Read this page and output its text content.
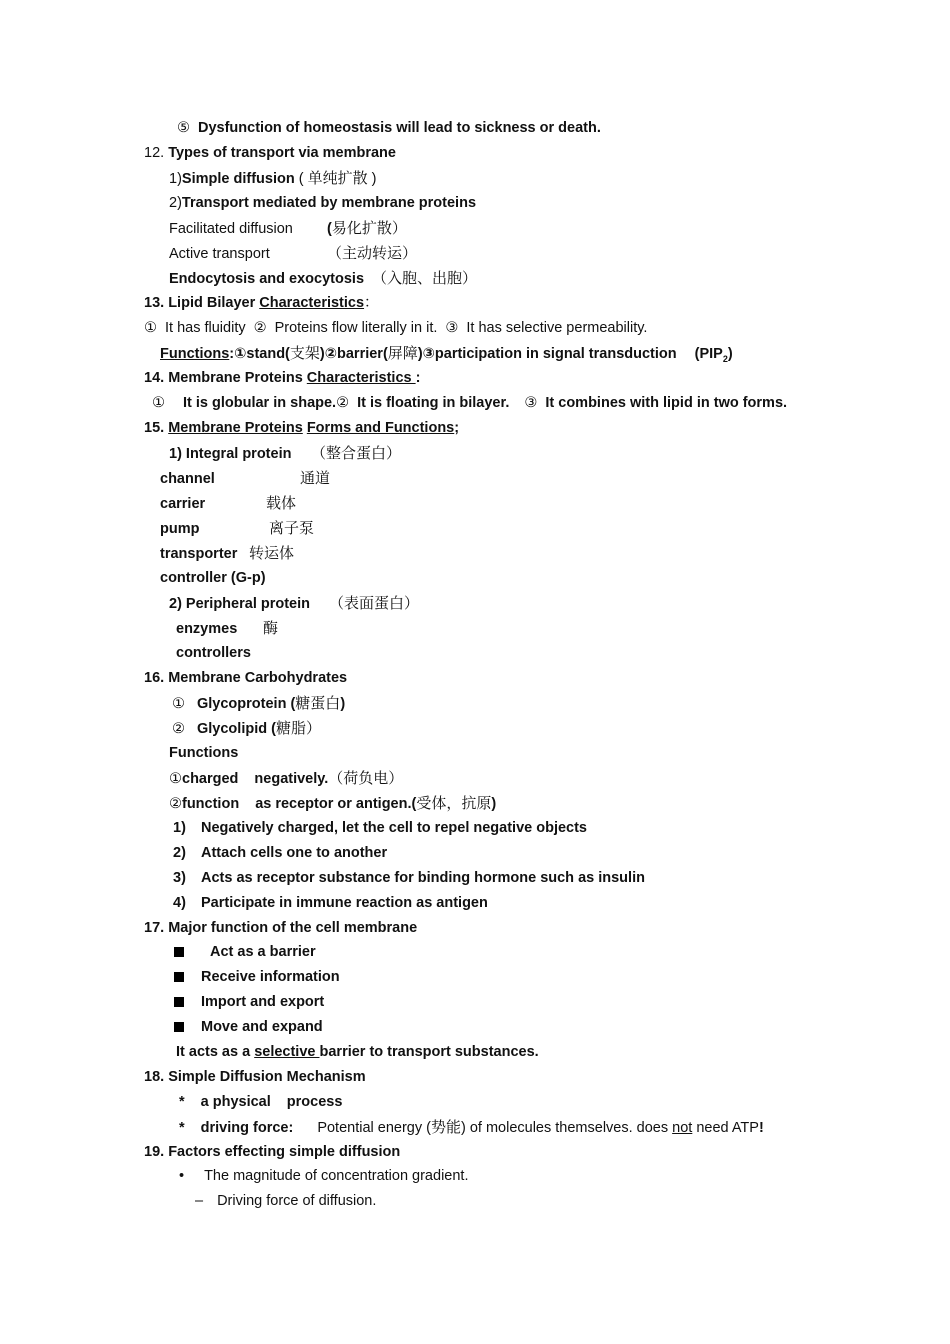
⑤ Dysfunction of homeostasis will lead to sickness or death.
12. Types of transport via membrane
1)Simple diffusion ( 单纯扩散 )
2)Transport mediated by membrane proteins
Facilitated diffusion (易化扩散）
Active transport	（主动转运）
Endocytosis and exocytosis （入胞、出胞）
13. Lipid Bilayer Characteristics：
① It has fluidity ② Proteins flow literally in it. ③ It has selective permeability.
Functions:①stand(支架)②barrier(屏障)③participation in signal transduction $(PIP_2)$
14. Membrane Proteins Characteristics :
① It is globular in shape.② It is floating in bilayer. ③ It combines with lipid in two forms.
15. Membrane Proteins Forms and Functions;
1) Integral protein （整合蛋白）
channel	通道
carrier	载体
pump	离子泵
transporter 转运体
controller (G-p)
2) Peripheral protein （表面蛋白）
enzymes 酶
controllers
16. Membrane Carbohydrates
① Glycoprotein (糖蛋白)
② Glycolipid (糖脂）
Functions
①charged negatively.（荷负电）
②function as receptor or antigen.(受体，抗原)
1) Negatively charged, let the cell to repel negative objects
2) Attach cells one to another
3) Acts as receptor substance for binding hormone such as insulin
4) Participate in immune reaction as antigen
17. Major function of the cell membrane
Act as a barrier
Receive information
Import and export
Move and expand
It acts as a selective barrier to transport substances.
18. Simple Diffusion Mechanism
* a physical process
* driving force: Potential energy (势能) of molecules themselves. does not need ATP!
19. Factors effecting simple diffusion
• The magnitude of concentration gradient.
– Driving force of diffusion.
